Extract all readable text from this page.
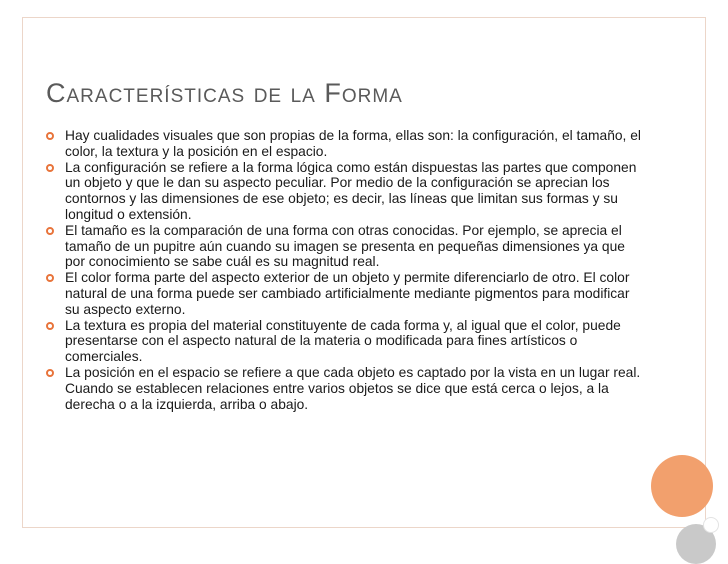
Características de la Forma
Hay cualidades visuales que son propias de la forma, ellas son: la configuración, el tamaño, el color, la textura y la posición en el espacio.
La configuración se refiere a la forma lógica como están dispuestas las partes que componen un objeto y que le dan su aspecto peculiar. Por medio de la configuración se aprecian los contornos y las dimensiones de ese objeto; es decir, las líneas que limitan sus formas y su longitud o extensión.
El tamaño es la comparación de una forma con otras conocidas. Por ejemplo, se aprecia el tamaño de un pupitre aún cuando su imagen se presenta en pequeñas dimensiones ya que por conocimiento se sabe cuál es su magnitud real.
El color forma parte del aspecto exterior de un objeto y permite diferenciarlo de otro. El color natural de una forma puede ser cambiado artificialmente mediante pigmentos para modificar su aspecto externo.
La textura es propia del material constituyente de cada forma y, al igual que el color, puede presentarse con el aspecto natural de la materia o modificada para fines artísticos o comerciales.
La posición en el espacio se refiere a que cada objeto es captado por la vista en un lugar real. Cuando se establecen relaciones entre varios objetos se dice que está cerca o lejos, a la derecha o a la izquierda, arriba o abajo.
